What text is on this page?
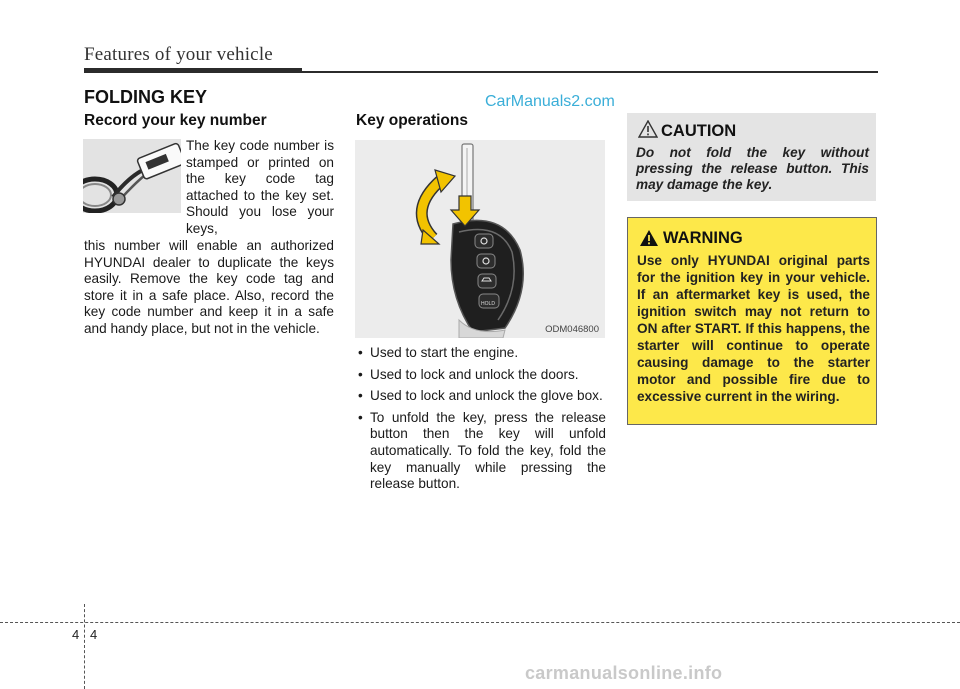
Features of your vehicle
FOLDING KEY	CarManuals2.com
Record your key number
The key code number is stamped or printed on the key code tag attached to the key set. Should you lose your keys,
this number will enable an authorized HYUNDAI dealer to duplicate the keys easily. Remove the key code tag and store it in a safe place. Also, record the key code number and keep it in a safe and handy place, but not in the vehicle.
Key operations
HOLD
ODM046800
• Used to start the engine.
• Used to lock and unlock the doors.
• Used to lock and unlock the glove box.
• To unfold the key, press the release button then the key will unfold automatically. To fold the key, fold the key manually while pressing the release button.
CAUTION
Do not fold the key without pressing the release button. This may damage the key.
WARNING
Use only HYUNDAI original parts for the ignition key in your vehicle. If an aftermarket key is used, the ignition switch may not return to ON after START. If this happens, the starter will continue to operate causing damage to the starter motor and possible fire due to excessive current in the wiring.
4 4
carmanualsonline.info
